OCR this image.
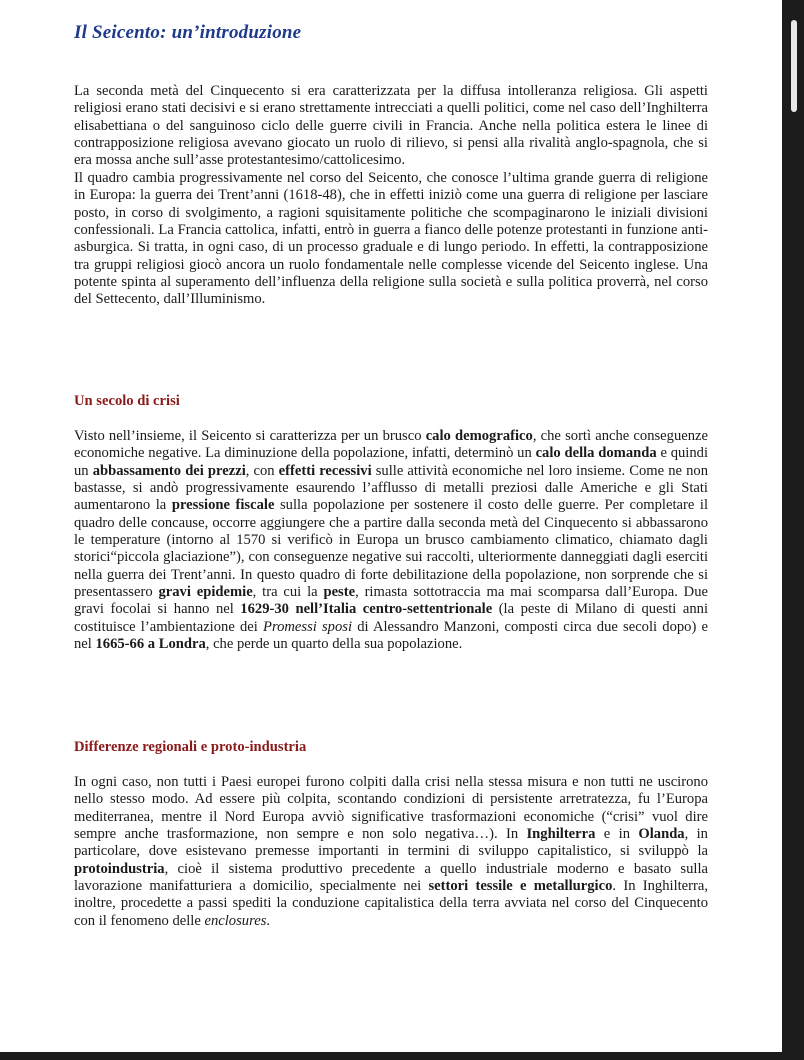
Il Seicento: un’introduzione

La seconda metà del Cinquecento si era caratterizzata per la diffusa intolleranza religiosa. Gli aspetti religiosi erano stati decisivi e si erano strettamente intrecciati a quelli politici, come nel caso dell’Inghilterra elisabettiana o del sanguinoso ciclo delle guerre civili in Francia. Anche nella politica estera le linee di contrapposizione religiosa avevano giocato un ruolo di rilievo, si pensi alla rivalità anglo-spagnola, che si era mossa anche sull’asse protestantesimo/cattolicesimo.

Il quadro cambia progressivamente nel corso del Seicento, che conosce l’ultima grande guerra di religione in Europa: la guerra dei Trent’anni (1618-48), che in effetti iniziò come una guerra di religione per lasciare posto, in corso di svolgimento, a ragioni squisitamente politiche che scompaginarono le iniziali divisioni confessionali. La Francia cattolica, infatti, entrò in guerra a fianco delle potenze protestanti in funzione anti-asburgica. Si tratta, in ogni caso, di un processo graduale e di lungo periodo. In effetti, la contrapposizione tra gruppi religiosi giocò ancora un ruolo fondamentale nelle complesse vicende del Seicento inglese. Una potente spinta al superamento dell’influenza della religione sulla società e sulla politica proverrà, nel corso del Settecento, dall’Illuminismo.

Un secolo di crisi

Visto nell’insieme, il Seicento si caratterizza per un brusco calo demografico, che sortì anche conseguenze economiche negative. La diminuzione della popolazione, infatti, determinò un calo della domanda e quindi un abbassamento dei prezzi, con effetti recessivi sulle attività economiche nel loro insieme. Come ne non bastasse, si andò progressivamente esaurendo l’afflusso di metalli preziosi dalle Americhe e gli Stati aumentarono la pressione fiscale sulla popolazione per sostenere il costo delle guerre. Per completare il quadro delle concause, occorre aggiungere che a partire dalla seconda metà del Cinquecento si abbassarono le temperature (intorno al 1570 si verificò in Europa un brusco cambiamento climatico, chiamato dagli storici“piccola glaciazione”), con conseguenze negative sui raccolti, ulteriormente danneggiati dagli eserciti nella guerra dei Trent’anni. In questo quadro di forte debilitazione della popolazione, non sorprende che si presentassero gravi epidemie, tra cui la peste, rimasta sottotraccia ma mai scomparsa dall’Europa. Due gravi focolai si hanno nel 1629-30 nell’Italia centro-settentrionale (la peste di Milano di questi anni costituisce l’ambientazione dei Promessi sposi di Alessandro Manzoni, composti circa due secoli dopo) e nel 1665-66 a Londra, che perde un quarto della sua popolazione.

Differenze regionali e proto-industria

In ogni caso, non tutti i Paesi europei furono colpiti dalla crisi nella stessa misura e non tutti ne uscirono nello stesso modo. Ad essere più colpita, scontando condizioni di persistente arretratezza, fu l’Europa mediterranea, mentre il Nord Europa avviò significative trasformazioni economiche (“crisi” vuol dire sempre anche trasformazione, non sempre e non solo negativa…). In Inghilterra e in Olanda, in particolare, dove esistevano premesse importanti in termini di sviluppo capitalistico, si sviluppò la protoindustria, cioè il sistema produttivo precedente a quello industriale moderno e basato sulla lavorazione manifatturiera a domicilio, specialmente nei settori tessile e metallurgico. In Inghilterra, inoltre, procedette a passi spediti la conduzione capitalistica della terra avviata nel corso del Cinquecento con il fenomeno delle enclosures.
